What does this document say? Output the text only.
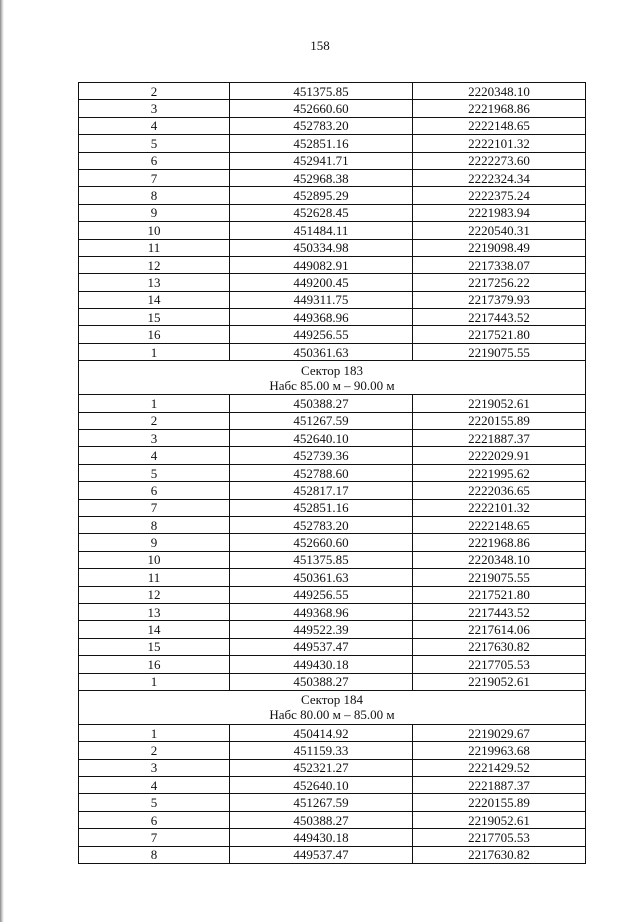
158
2	451375.85	2220348.10
3	452660.60	2221968.86
4	452783.20	2222148.65
5	452851.16	2222101.32
6	452941.71	2222273.60
7	452968.38	2222324.34
8	452895.29	2222375.24
9	452628.45	2221983.94
10	451484.11	2220540.31
11	450334.98	2219098.49
12	449082.91	2217338.07
13	449200.45	2217256.22
14	449311.75	2217379.93
15	449368.96	2217443.52
16	449256.55	2217521.80
1	450361.63	2219075.55

Сектор 183
Набс 85.00 м – 90.00 м		

1	450388.27	2219052.61
2	451267.59	2220155.89
3	452640.10	2221887.37
4	452739.36	2222029.91
5	452788.60	2221995.62
6	452817.17	2222036.65
7	452851.16	2222101.32
8	452783.20	2222148.65
9	452660.60	2221968.86
10	451375.85	2220348.10
11	450361.63	2219075.55
12	449256.55	2217521.80
13	449368.96	2217443.52
14	449522.39	2217614.06
15	449537.47	2217630.82
16	449430.18	2217705.53
1	450388.27	2219052.61

Сектор 184
Набс 80.00 м – 85.00 м		

1	450414.92	2219029.67
2	451159.33	2219963.68
3	452321.27	2221429.52
4	452640.10	2221887.37
5	451267.59	2220155.89
6	450388.27	2219052.61
7	449430.18	2217705.53
8	449537.47	2217630.82
